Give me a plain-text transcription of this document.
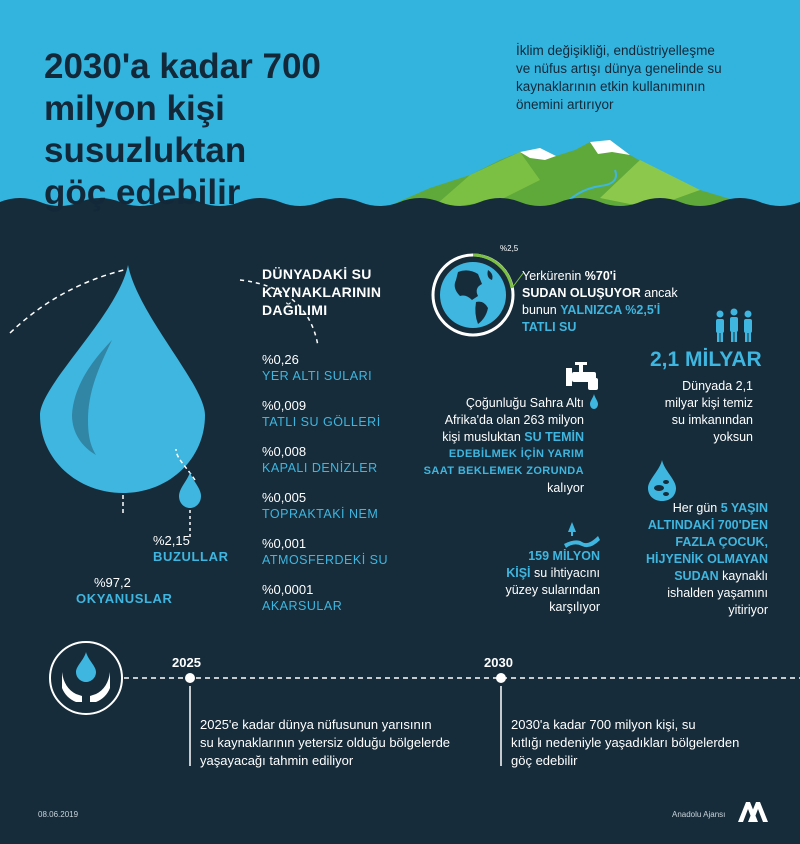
2030'a kadar 700
milyon kişi susuzluktan
göç edebilir
İklim değişikliği, endüstriyelleşme
ve nüfus artışı dünya genelinde su
kaynaklarının etkin kullanımının
önemini artırıyor
%2,15
BUZULLAR
%97,2
OKYANUSLAR
DÜNYADAKİ SU
KAYNAKLARININ
DAĞILIMI
%0,26
YER ALTI SULARI
%0,009
TATLI SU GÖLLERİ
%0,008
KAPALI DENİZLER
%0,005
TOPRAKTAKİ NEM
%0,001
ATMOSFERDEKİ SU
%0,0001
AKARSULAR
%2,5
Yerkürenin %70'i
SUDAN OLUŞUYOR ancak
bunun YALNIZCA %2,5'İ
TATLI SU
2,1 MİLYAR
Dünyada 2,1
milyar kişi temiz
su imkanından
yoksun
Çoğunluğu Sahra Altı
Afrika'da olan 263 milyon
kişi musluktan SU TEMİN
EDEBİLMEK İÇİN YARIM
SAAT BEKLEMEK ZORUNDA
kalıyor
159 MİLYON
KİŞİ su ihtiyacını
yüzey sularından
karşılıyor
Her gün 5 YAŞIN
ALTINDAKİ 700'DEN
FAZLA ÇOCUK,
HİJYENİK OLMAYAN
SUDAN kaynaklı
ishalden yaşamını
yitiriyor
2025	2030
2025'e kadar dünya nüfusunun yarısının
su kaynaklarının yetersiz olduğu bölgelerde
yaşayacağı tahmin ediliyor
2030'a kadar 700 milyon kişi, su
kıtlığı nedeniyle yaşadıkları bölgelerden
göç edebilir
08.06.2019	Anadolu Ajansı
